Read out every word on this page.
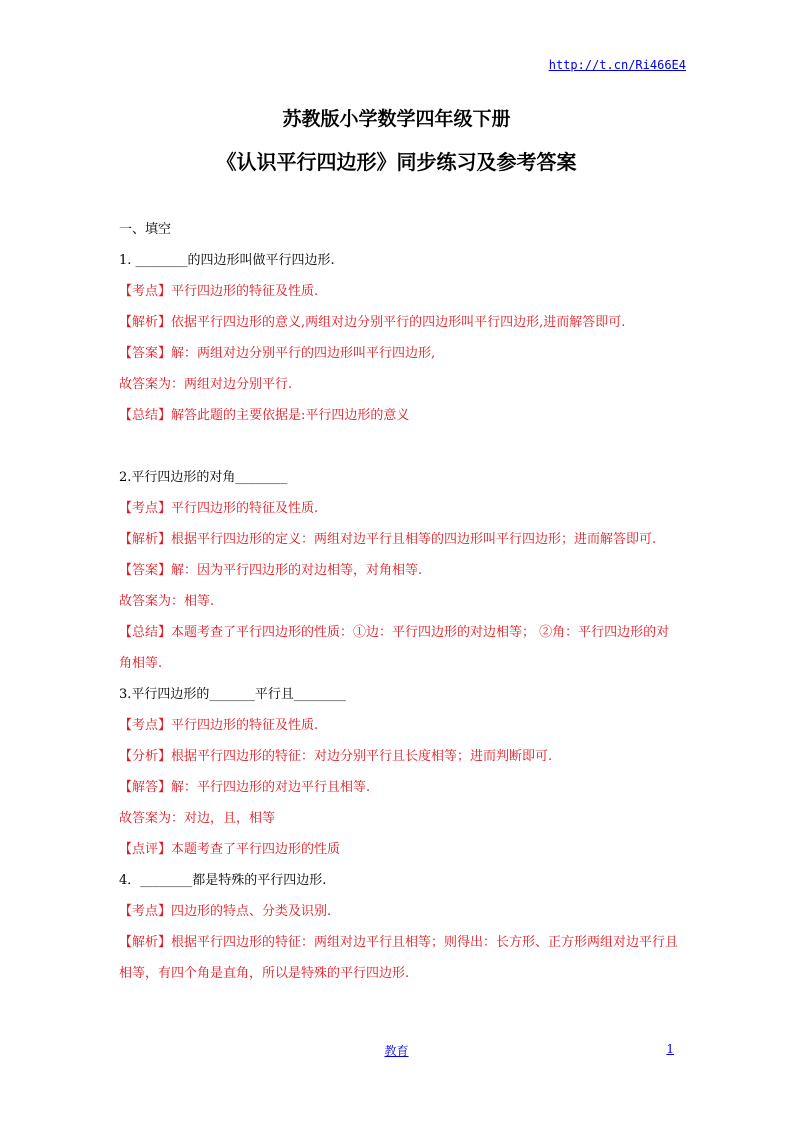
http://t.cn/Ri466E4
苏教版小学数学四年级下册
《认识平行四边形》同步练习及参考答案
一、填空
1. ________的四边形叫做平行四边形.
【考点】平行四边形的特征及性质.
【解析】依据平行四边形的意义,两组对边分别平行的四边形叫平行四边形,进而解答即可.
【答案】解：两组对边分别平行的四边形叫平行四边形,
故答案为：两组对边分别平行.
【总结】解答此题的主要依据是:平行四边形的意义
2.平行四边形的对角________
【考点】平行四边形的特征及性质.
【解析】根据平行四边形的定义：两组对边平行且相等的四边形叫平行四边形；进而解答即可.
【答案】解：因为平行四边形的对边相等，对角相等.
故答案为：相等.
【总结】本题考查了平行四边形的性质：①边：平行四边形的对边相等； ②角：平行四边形的对角相等.
3.平行四边形的_______平行且________
【考点】平行四边形的特征及性质.
【分析】根据平行四边形的特征：对边分别平行且长度相等；进而判断即可.
【解答】解：平行四边形的对边平行且相等.
故答案为：对边，且，相等
【点评】本题考查了平行四边形的性质
4．________都是特殊的平行四边形.
【考点】四边形的特点、分类及识别.
【解析】根据平行四边形的特征：两组对边平行且相等；则得出：长方形、正方形两组对边平行且相等，有四个角是直角，所以是特殊的平行四边形.
教育	1
